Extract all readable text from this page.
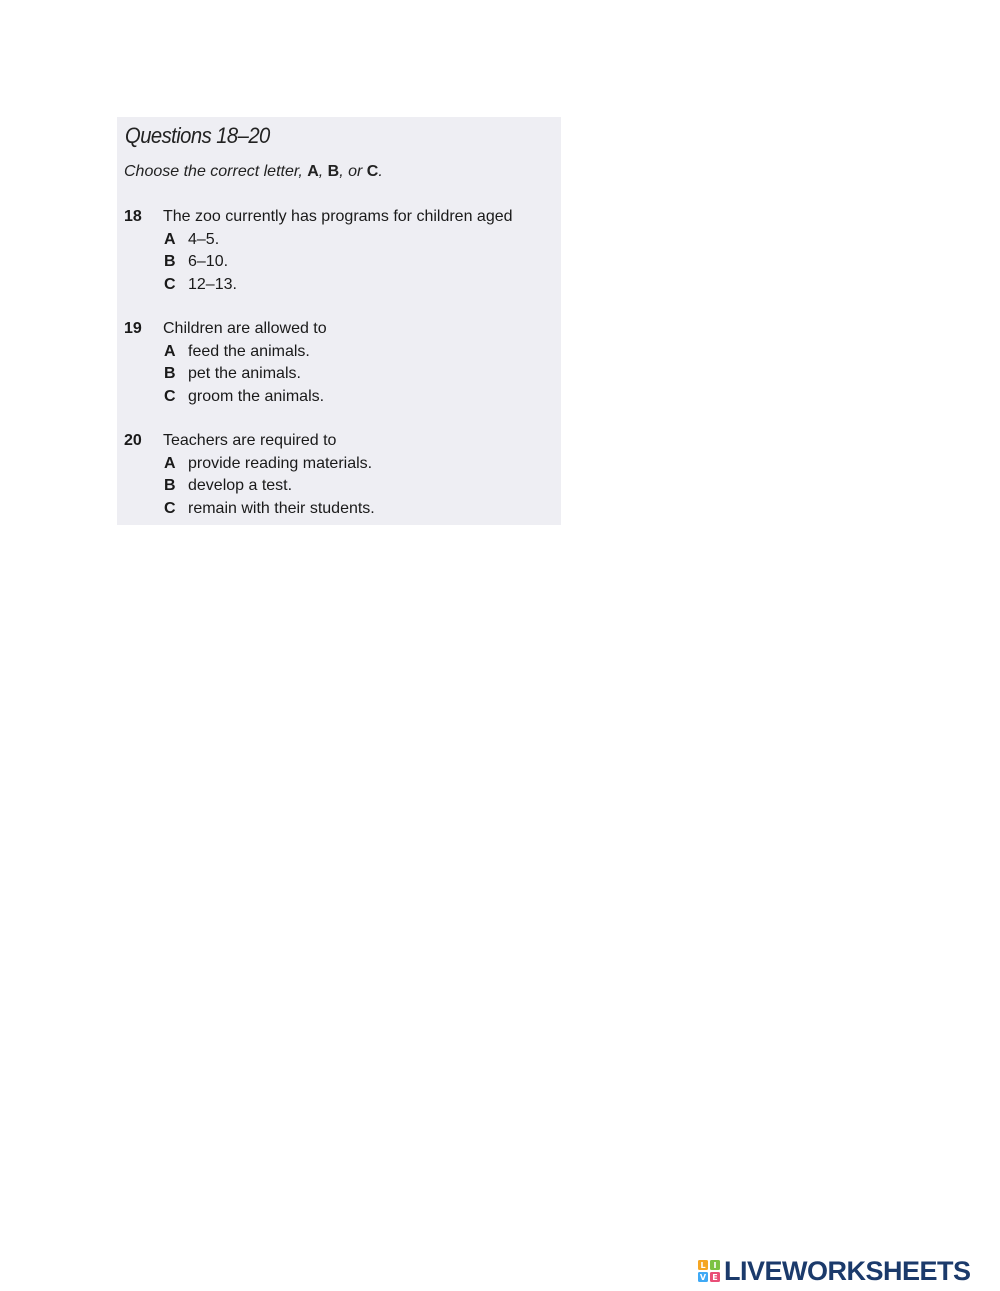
Questions 18–20
Choose the correct letter, A, B, or C.
18 The zoo currently has programs for children aged
A 4–5.
B 6–10.
C 12–13.
19 Children are allowed to
A feed the animals.
B pet the animals.
C groom the animals.
20 Teachers are required to
A provide reading materials.
B develop a test.
C remain with their students.
L I
V E LIVEWORKSHEETS
